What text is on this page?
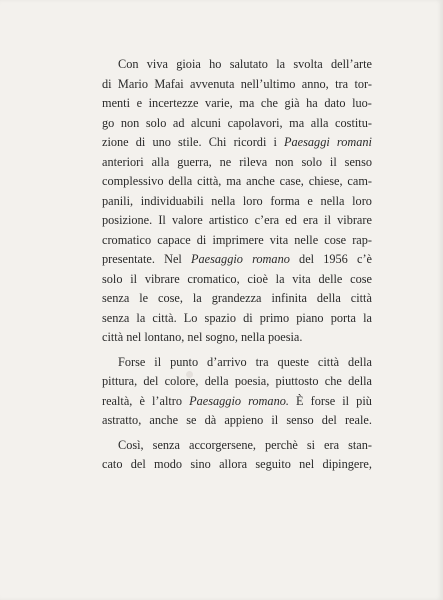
Con viva gioia ho salutato la svolta dell’arte
di Mario Mafai avvenuta nell’ultimo anno, tra tor-
menti e incertezze varie, ma che già ha dato luo-
go non solo ad alcuni capolavori, ma alla costitu-
zione di uno stile. Chi ricordi i Paesaggi romani
anteriori alla guerra, ne rileva non solo il senso
complessivo della città, ma anche case, chiese, cam-
panili, individuabili nella loro forma e nella loro
posizione. Il valore artistico c’era ed era il vibrare
cromatico capace di imprimere vita nelle cose rap-
presentate. Nel Paesaggio romano del 1956 c’è
solo il vibrare cromatico, cioè la vita delle cose
senza le cose, la grandezza infinita della città
senza la città. Lo spazio di primo piano porta la
città nel lontano, nel sogno, nella poesia.
Forse il punto d’arrivo tra queste città della
pittura, del colore, della poesia, piuttosto che della
realtà, è l’altro Paesaggio romano. È forse il più
astratto, anche se dà appieno il senso del reale.
Così, senza accorgersene, perchè si era stan-
cato del modo sino allora seguito nel dipingere,
